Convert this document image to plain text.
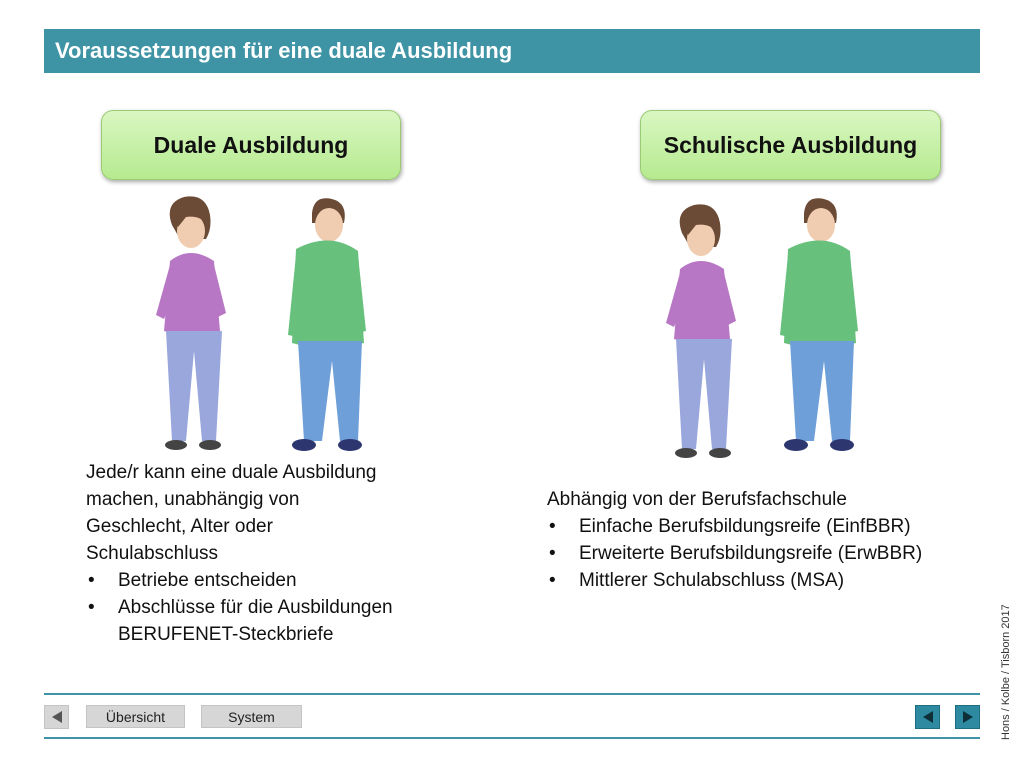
Voraussetzungen für eine duale Ausbildung
Duale Ausbildung	Schulische Ausbildung
Jede/r kann eine duale Ausbildung
machen, unabhängig von
Geschlecht, Alter oder
Schulabschluss
• Betriebe entscheiden
• Abschlüsse für die Ausbildungen
BERUFENET-Steckbriefe
Abhängig von der Berufsfachschule
• Einfache Berufsbildungsreife (EinfBBR)
• Erweiterte Berufsbildungsreife (ErwBBR)
• Mittlerer Schulabschluss (MSA)
Übersicht	System	Hons / Kolbe / Tisborn 2017
